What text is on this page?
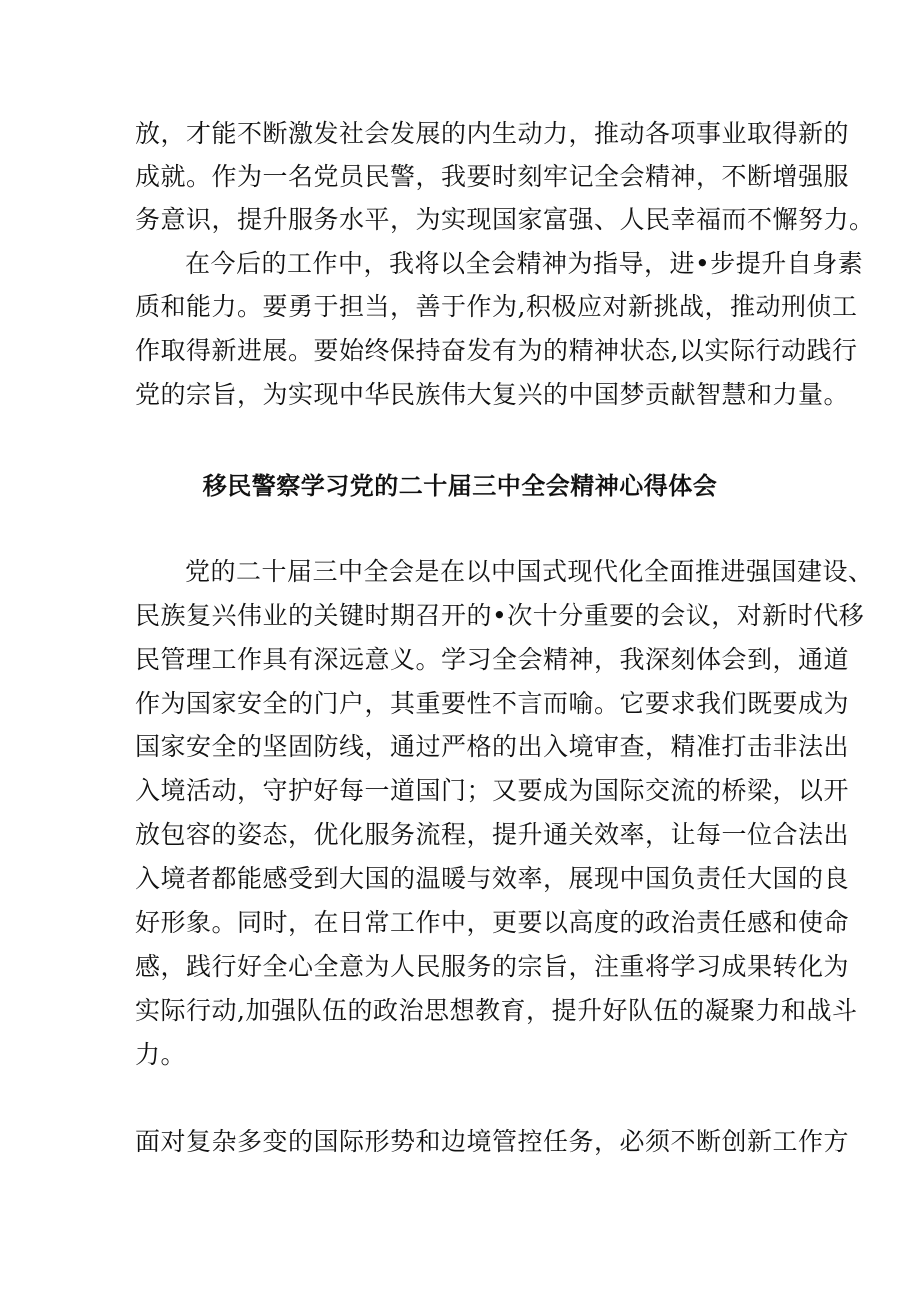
放，才能不断激发社会发展的内生动力，推动各项事业取得新的
成就。作为一名党员民警，我要时刻牢记全会精神，不断增强服
务意识，提升服务水平，为实现国家富强、人民幸福而不懈努力。
在今后的工作中，我将以全会精神为指导，进•步提升自身素
质和能力。要勇于担当，善于作为,积极应对新挑战，推动刑侦工
作取得新进展。要始终保持奋发有为的精神状态,以实际行动践行
党的宗旨，为实现中华民族伟大复兴的中国梦贡献智慧和力量。
移民警察学习党的二十届三中全会精神心得体会
党的二十届三中全会是在以中国式现代化全面推进强国建设、
民族复兴伟业的关键时期召开的•次十分重要的会议，对新时代移
民管理工作具有深远意义。学习全会精神，我深刻体会到，通道
作为国家安全的门户，其重要性不言而喻。它要求我们既要成为
国家安全的坚固防线，通过严格的出入境审查，精准打击非法出
入境活动，守护好每一道国门；又要成为国际交流的桥梁，以开
放包容的姿态，优化服务流程，提升通关效率，让每一位合法出
入境者都能感受到大国的温暖与效率，展现中国负责任大国的良
好形象。同时，在日常工作中，更要以高度的政治责任感和使命
感，践行好全心全意为人民服务的宗旨，注重将学习成果转化为
实际行动,加强队伍的政治思想教育，提升好队伍的凝聚力和战斗
力。
面对复杂多变的国际形势和边境管控任务，必须不断创新工作方
